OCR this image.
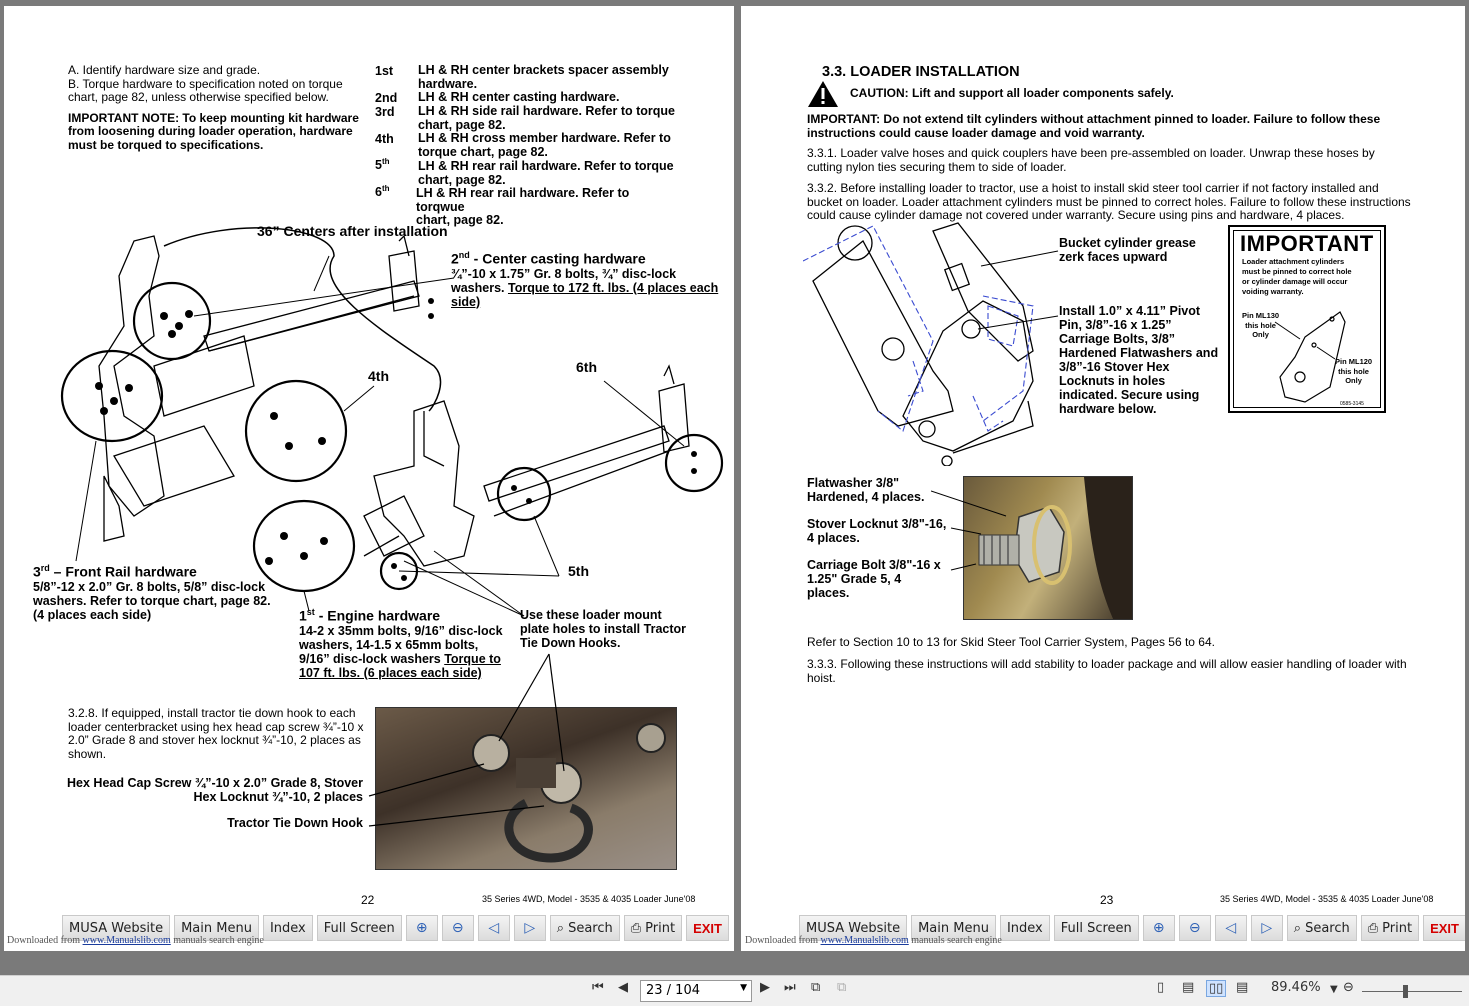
A. Identify hardware size and grade.
B. Torque hardware to specification noted on torque
chart, page 82, unless otherwise specified below.
IMPORTANT NOTE: To keep mounting kit hardware
from loosening during loader operation, hardware
must be torqued to specifications.
1st LH & RH center brackets spacer assembly
hardware.
2nd LH & RH center casting hardware.
3rd LH & RH side rail hardware. Refer to torque
chart, page 82.
4th LH & RH cross member hardware. Refer to
torque chart, page 82.
5th LH & RH rear rail hardware. Refer to torque
chart, page 82.
6th LH & RH rear rail hardware. Refer to torqwue
chart, page 82.
36” Centers after installation
2nd - Center casting hardware
¾”-10 x 1.75” Gr. 8 bolts, ¾” disc-lock
washers. Torque to 172 ft. lbs. (4 places each
side)
4th
6th
5th
3rd – Front Rail hardware
5/8”-12 x 2.0” Gr. 8 bolts, 5/8” disc-lock
washers. Refer to torque chart, page 82.
(4 places each side)	1st - Engine hardware
14-2 x 35mm bolts, 9/16” disc-lock
washers, 14-1.5 x 65mm bolts,
9/16” disc-lock washers Torque to
107 ft. lbs. (6 places each side)
Use these loader mount
plate holes to install Tractor
Tie Down Hooks.
3.2.8. If equipped, install tractor tie down hook to each
loader centerbracket using hex head cap screw ¾”-10 x
2.0” Grade 8 and stover hex locknut ¾”-10, 2 places as
shown.
Hex Head Cap Screw ¾”-10 x 2.0” Grade 8, Stover
Hex Locknut ¾”-10, 2 places
Tractor Tie Down Hook
22	35 Series 4WD, Model - 3535 & 4035 Loader June'08
MUSA Website	Main Menu	Index	Full Screen	⊕ ⊖ ◁ ▷ ⌕ Search ⎙ Print	EXIT
Downloaded from www.Manualslib.com manuals search engine
3.3. LOADER INSTALLATION
CAUTION: Lift and support all loader components safely.
IMPORTANT: Do not extend tilt cylinders without attachment pinned to loader. Failure to follow these
instructions could cause loader damage and void warranty.
3.3.1. Loader valve hoses and quick couplers have been pre-assembled on loader. Unwrap these hoses by
cutting nylon ties securing them to side of loader.
3.3.2. Before installing loader to tractor, use a hoist to install skid steer tool carrier if not factory installed and
bucket on loader. Loader attachment cylinders must be pinned to correct holes. Failure to follow these instructions
could cause cylinder damage not covered under warranty. Secure using pins and hardware, 4 places.
Bucket cylinder grease
zerk faces upward
Install 1.0” x 4.11” Pivot
Pin, 3/8”-16 x 1.25”
Carriage Bolts, 3/8”
Hardened Flatwashers and
3/8”-16 Stover Hex
Locknuts in holes
indicated. Secure using
hardware below.
IMPORTANT
Loader attachment cylinders
must be pinned to correct hole
or cylinder damage will occur
voiding warranty.
Pin ML130
this hole
Only
Pin ML120
this hole
Only
0585-3145
Flatwasher 3/8"
Hardened, 4 places.
Stover Locknut 3/8"-16,
4 places.
Carriage Bolt 3/8"-16 x
1.25" Grade 5, 4
places.
Refer to Section 10 to 13 for Skid Steer Tool Carrier System, Pages 56 to 64.
3.3.3. Following these instructions will add stability to loader package and will allow easier handling of loader with
hoist.
23	35 Series 4WD, Model - 3535 & 4035 Loader June'08
MUSA Website	Main Menu	Index	Full Screen	⊕ ⊖ ◁ ▷ ⌕ Search ⎙ Print	EXIT
Downloaded from www.Manualslib.com manuals search engine
⏮ ◀	23 / 104	▼ ▶ ⏭ ⧉ ⧉	▯ ▤ ▯▯ ▤ 89.46% ▼ ⊖
